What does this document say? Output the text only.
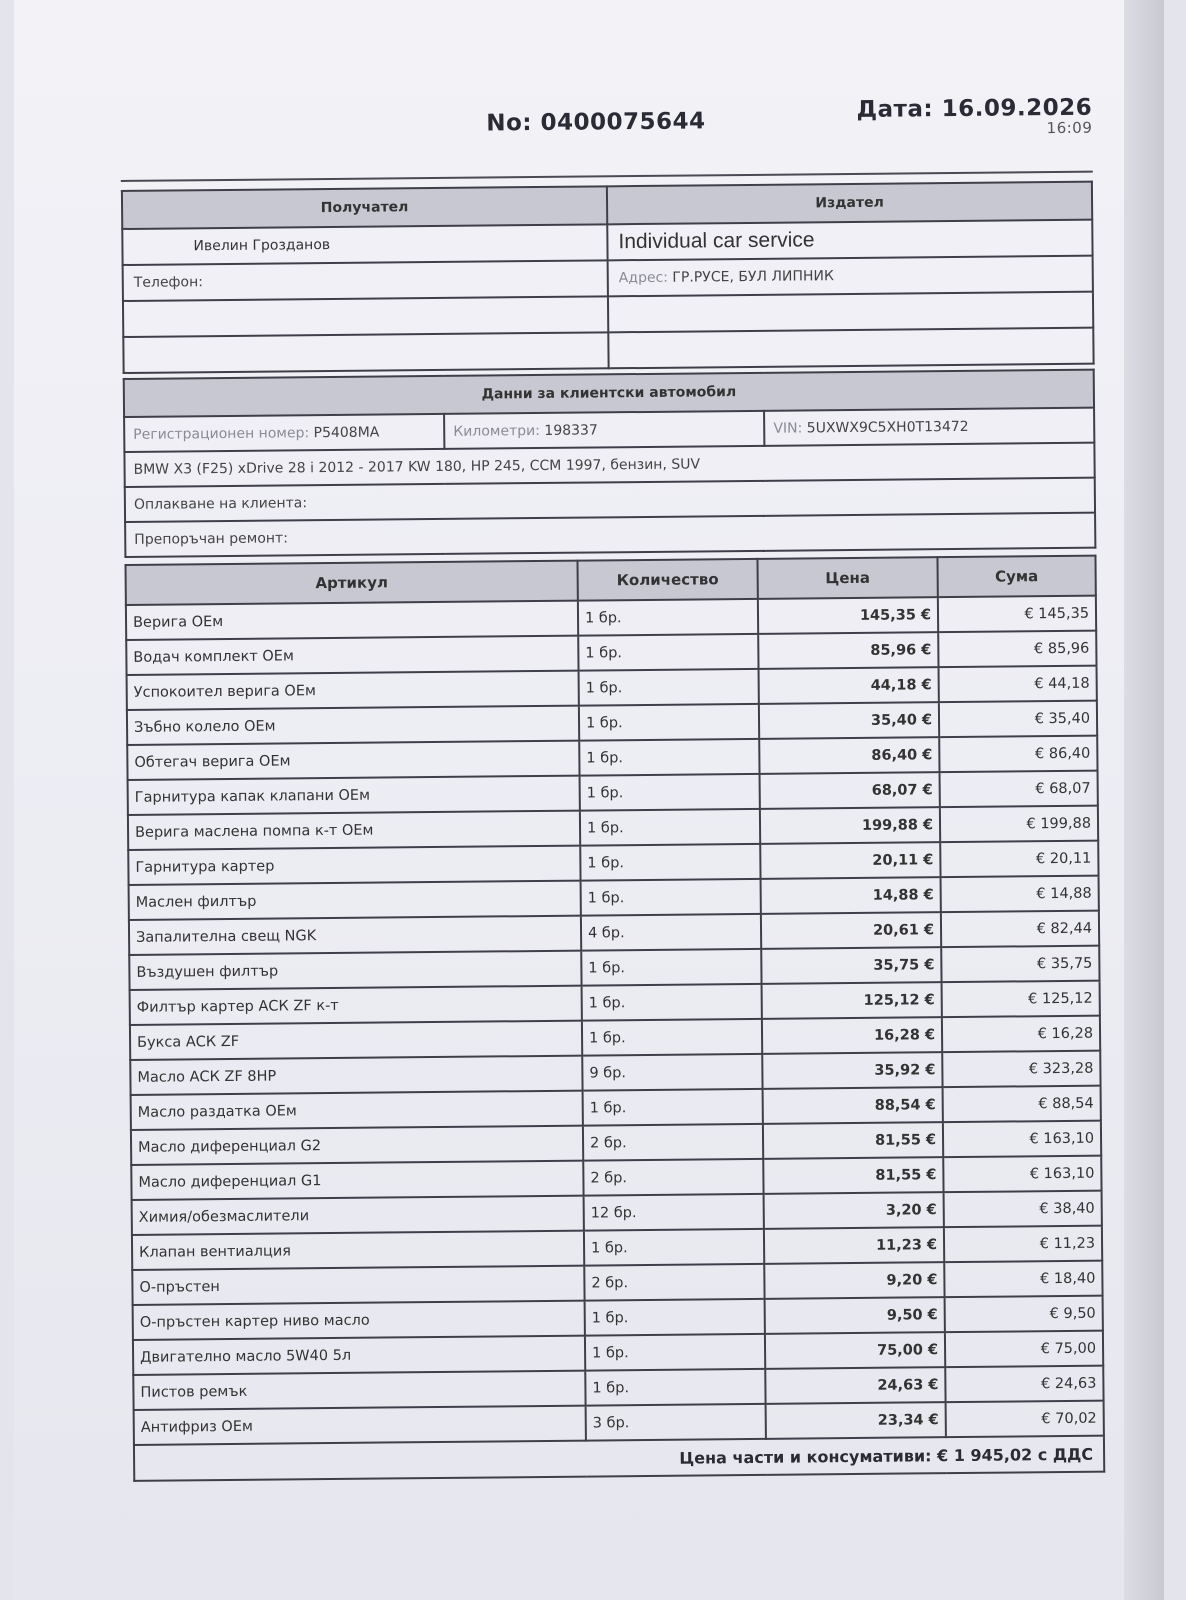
No: 0400075644	Дата: 16.09.2026
16:09
Получател	Издател
Ивелин Грозданов	Individual car service
Телефон:	Адрес: ГР.РУСЕ, БУЛ ЛИПНИК

Данни за клиентски автомобил
Регистрационен номер: P5408MA	Километри: 198337	VIN: 5UXWX9C5XH0T13472
BMW X3 (F25) xDrive 28 i 2012 - 2017 KW 180, HP 245, CCM 1997, бензин, SUV
Оплакване на клиента:
Препоръчан ремонт:
Артикул	Количество	Цена	Сума
Верига OEм	1 бр.	145,35 €	€ 145,35
Водач комплект OEм	1 бр.	85,96 €	€ 85,96
Успокоител верига OEм	1 бр.	44,18 €	€ 44,18
Зъбно колело OEм	1 бр.	35,40 €	€ 35,40
Обтегач верига OEм	1 бр.	86,40 €	€ 86,40
Гарнитура капак клапани OEм	1 бр.	68,07 €	€ 68,07
Верига маслена помпа к-т OEм	1 бр.	199,88 €	€ 199,88
Гарнитура картер	1 бр.	20,11 €	€ 20,11
Маслен филтър	1 бр.	14,88 €	€ 14,88
Запалителна свещ NGK	4 бр.	20,61 €	€ 82,44
Въздушен филтър	1 бр.	35,75 €	€ 35,75
Филтър картер АСК ZF к-т	1 бр.	125,12 €	€ 125,12
Букса АСК ZF	1 бр.	16,28 €	€ 16,28
Масло АСК ZF 8HP	9 бр.	35,92 €	€ 323,28
Масло раздатка OEм	1 бр.	88,54 €	€ 88,54
Масло диференциал G2	2 бр.	81,55 €	€ 163,10
Масло диференциал G1	2 бр.	81,55 €	€ 163,10
Химия/обезмаслители	12 бр.	3,20 €	€ 38,40
Клапан вентиалция	1 бр.	11,23 €	€ 11,23
О-пръстен	2 бр.	9,20 €	€ 18,40
О-пръстен картер ниво масло	1 бр.	9,50 €	€ 9,50
Двигателно масло 5W40 5л	1 бр.	75,00 €	€ 75,00
Пистов ремък	1 бр.	24,63 €	€ 24,63
Антифриз OEм	3 бр.	23,34 €	€ 70,02
Цена части и консумативи: € 1 945,02 с ДДС			
